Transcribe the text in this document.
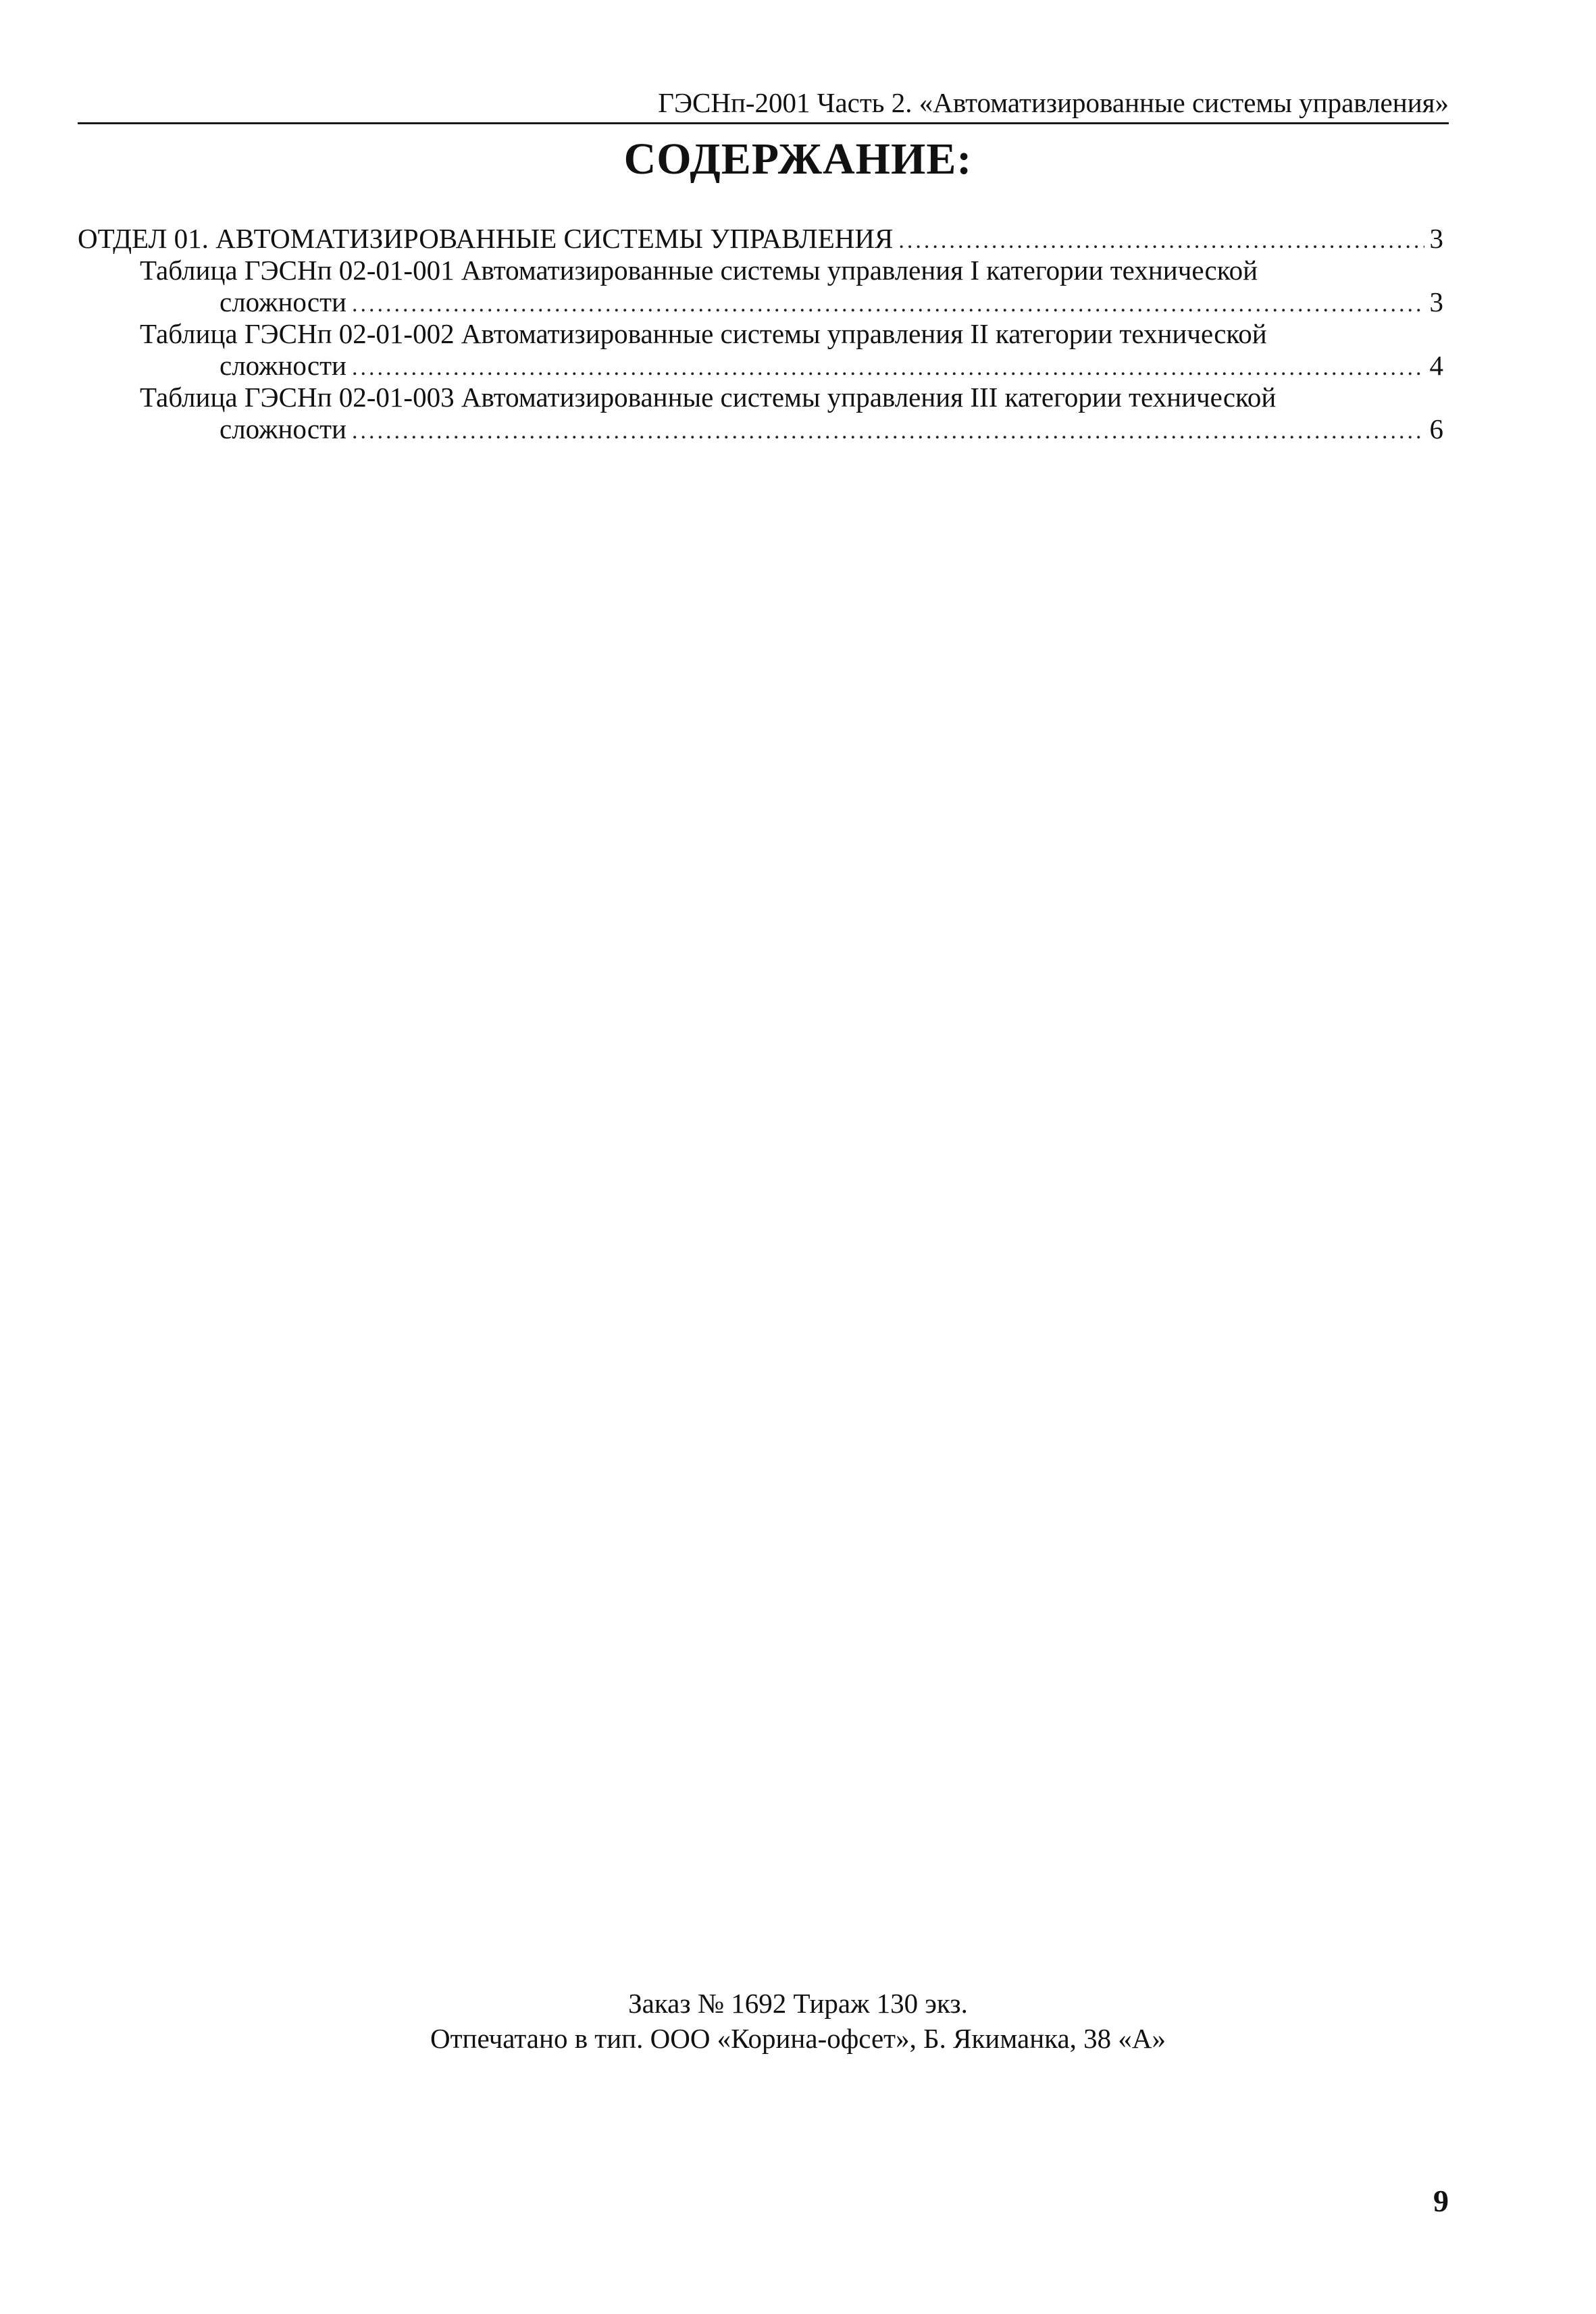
ГЭСНп-2001 Часть 2. «Автоматизированные системы управления»
СОДЕРЖАНИЕ:
ОТДЕЛ 01. АВТОМАТИЗИРОВАННЫЕ СИСТЕМЫ УПРАВЛЕНИЯ .....	3
Таблица ГЭСНп 02-01-001 Автоматизированные системы управления I категории технической
сложности .....	3
Таблица ГЭСНп 02-01-002 Автоматизированные системы управления II категории технической
сложности .....	4
Таблица ГЭСНп 02-01-003 Автоматизированные системы управления III категории технической
сложности .....	6
Заказ № 1692 Тираж 130 экз.
Отпечатано в тип. ООО «Корина-офсет», Б. Якиманка, 38 «А»
9
